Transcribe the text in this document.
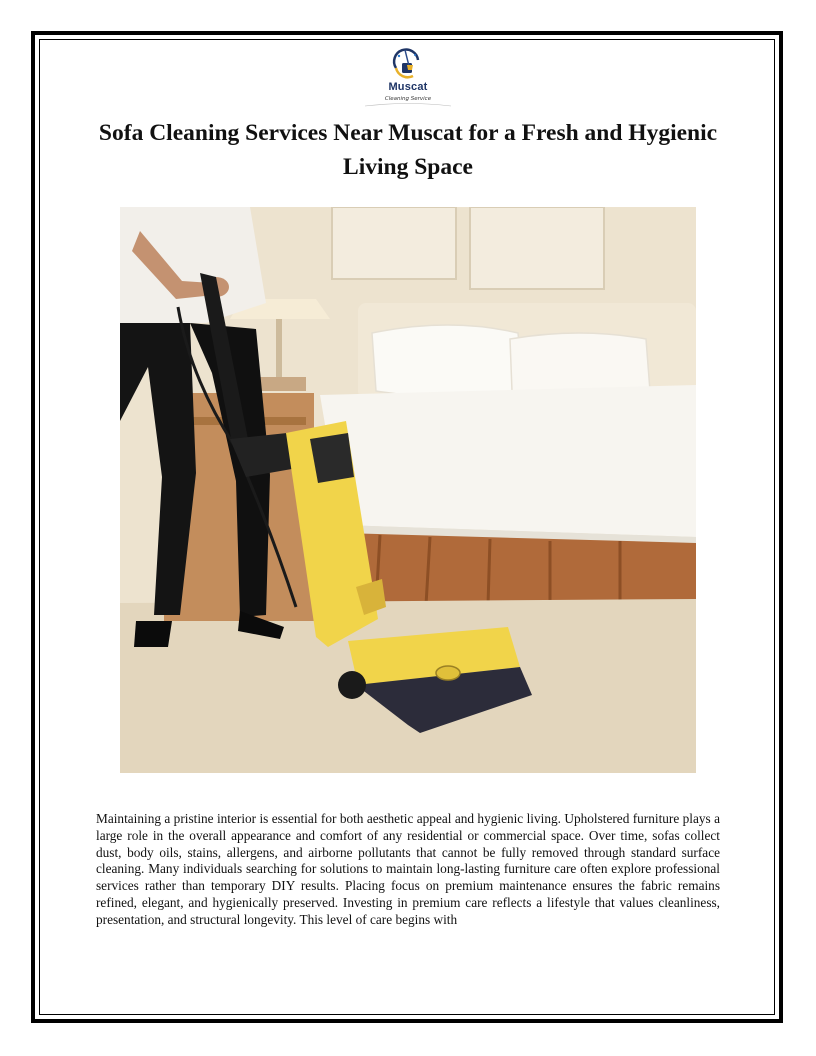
Muscat
Cleaning Service
Sofa Cleaning Services Near Muscat for a Fresh and Hygienic Living Space

Maintaining a pristine interior is essential for both aesthetic appeal and hygienic living. Upholstered furniture plays a large role in the overall appearance and comfort of any residential or commercial space. Over time, sofas collect dust, body oils, stains, allergens, and airborne pollutants that cannot be fully removed through standard surface cleaning. Many individuals searching for solutions to maintain long-lasting furniture care often explore professional services rather than temporary DIY results. Placing focus on premium maintenance ensures the fabric remains refined, elegant, and hygienically preserved. Investing in premium care reflects a lifestyle that values cleanliness, presentation, and structural longevity. This level of care begins with
